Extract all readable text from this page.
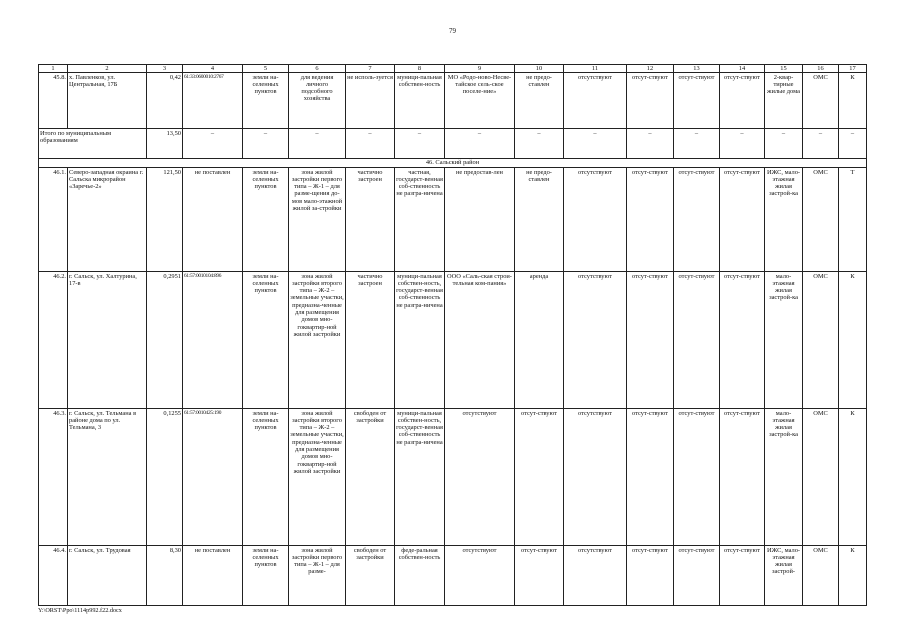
79
1	2	3	4	5	6	7	8	9	10	11	12	13	14	15	16	17
45.8.	х. Павленков, ул. Центральная, 17Б	0,42	61:33:0600010:2767	земли на-селенных пунктов	для ведения личного подсобного хозяйства	не исполь-зуется	муници-пальная собствен-ность	МО «Родо-ново-Несве-тайское сель-ское поселе-ние»	не предо-ставлен	отсутствуют	отсут-ствуют	отсут-ствуют	отсут-ствуют	2-квар-тирные жилые дома	ОМС	К
Итого по муниципальным образованиям		13,50	–	–	–	–	–	–	–	–	–	–	–	–	–	–
46. Сальский район																
46.1.	Северо-западная окраина г. Сальска микрорайон «Заречье-2»	121,50	не поставлен	земли на-селенных пунктов	зона жилой застройки первого типа – Ж-1 – для разме-щения до-мов мало-этажной жилой за-стройки	частично застроен	частная, государст-венная соб-ственность не разгра-ничена	не предостав-лен	не предо-ставлен	отсутствуют	отсут-ствуют	отсут-ствуют	отсут-ствуют	ИЖС, мало-этажная жилая застрой-ка	ОМС	Т
46.2.	г. Сальск, ул. Халтурина, 17-в	0,2951	61:57:0010104:896	земли на-селенных пунктов	зона жилой застройки второго типа – Ж-2 – земельные участки, предназна-ченные для размещения домов мно-гоквартир-ной жилой застройки	частично застроен	муници-пальная собствен-ность, государст-венная соб-ственность не разгра-ничена	ООО «Саль-ская строи-тельная ком-пания»	аренда	отсутствуют	отсут-ствуют	отсут-ствуют	отсут-ствуют	мало-этажная жилая застрой-ка	ОМС	К
46.3.	г. Сальск, ул. Тельмана в районе дома по ул. Тельмана, 3	0,1255	61:57:0010425:190	земли на-селенных пунктов	зона жилой застройки второго типа – Ж-2 – земельные участки, предназна-ченные для размещения домов мно-гоквартир-ной жилой застройки	свободен от застройки	муници-пальная собствен-ность, государст-венная соб-ственность не разгра-ничена	отсутствуют	отсут-ствуют	отсутствуют	отсут-ствуют	отсут-ствуют	отсут-ствуют	мало-этажная жилая застрой-ка	ОМС	К
46.4.	г. Сальск, ул. Трудовая	8,30	не поставлен	земли на-селенных пунктов	зона жилой застройки первого типа – Ж-1 – для разме-	свободен от застройки	феде-ральная собствен-ность	отсутствуют	отсут-ствуют	отсутствуют	отсут-ствуют	отсут-ствуют	отсут-ствуют	ИЖС, мало-этажная жилая застрой-	ОМС	К
Y:\ORST\Ppo\1114p992.f22.docx
